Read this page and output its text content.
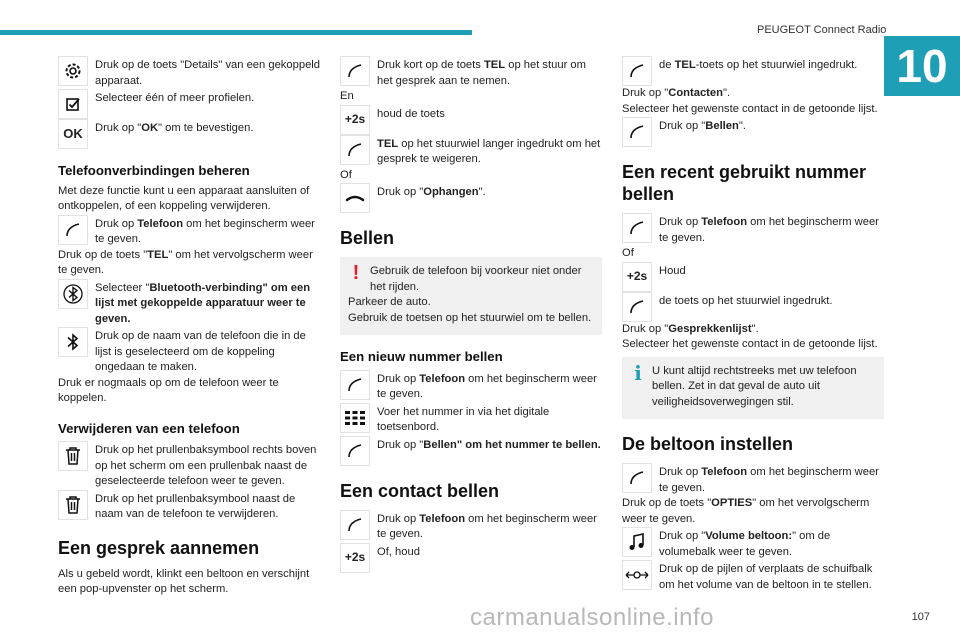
PEUGEOT Connect Radio
10
107
carmanualsonline.info
Druk op de toets "Details" van een gekoppeld apparaat.
Selecteer één of meer profielen.
OK Druk op "OK" om te bevestigen.
Telefoonverbindingen beheren

Met deze functie kunt u een apparaat aansluiten of ontkoppelen, of een koppeling verwijderen.

Druk op Telefoon om het beginscherm weer te geven.

Druk op de toets "TEL" om het vervolgscherm weer te geven.

Selecteer "Bluetooth-verbinding" om een lijst met gekoppelde apparatuur weer te geven.
Druk op de naam van de telefoon die in de lijst is geselecteerd om de koppeling ongedaan te maken.

Druk er nogmaals op om de telefoon weer te koppelen.

Verwijderen van een telefoon
Druk op het prullenbaksymbool rechts boven op het scherm om een prullenbak naast de geselecteerde telefoon weer te geven.
Druk op het prullenbaksymbool naast de naam van de telefoon te verwijderen.
Een gesprek aannemen

Als u gebeld wordt, klinkt een beltoon en verschijnt een pop-upvenster op het scherm.

Druk kort op de toets TEL op het stuur om het gesprek aan te nemen.

En

+2s houd de toets
TEL op het stuurwiel langer ingedrukt om het gesprek te weigeren.

Of

Druk op "Ophangen".
Bellen
! Gebruik de telefoon bij voorkeur niet onder het rijden.

Parkeer de auto.

Gebruik de toetsen op het stuurwiel om te bellen.

Een nieuw nummer bellen
Druk op Telefoon om het beginscherm weer te geven.
Voer het nummer in via het digitale toetsenbord.
Druk op "Bellen" om het nummer te bellen.
Een contact bellen
Druk op Telefoon om het beginscherm weer te geven.
+2s Of, houd
de TEL-toets op het stuurwiel ingedrukt.

Druk op "Contacten".

Selecteer het gewenste contact in de getoonde lijst.

Druk op "Bellen".
Een recent gebruikt nummer bellen
Druk op Telefoon om het beginscherm weer te geven.

Of

+2s Houd
de toets op het stuurwiel ingedrukt.

Druk op "Gesprekkenlijst".

Selecteer het gewenste contact in de getoonde lijst.

i U kunt altijd rechtstreeks met uw telefoon bellen. Zet in dat geval de auto uit veiligheidsoverwegingen stil.
De beltoon instellen
Druk op Telefoon om het beginscherm weer te geven.

Druk op de toets "OPTIES" om het vervolgscherm weer te geven.

Druk op "Volume beltoon:" om de volumebalk weer te geven.
Druk op de pijlen of verplaats de schuifbalk om het volume van de beltoon in te stellen.
